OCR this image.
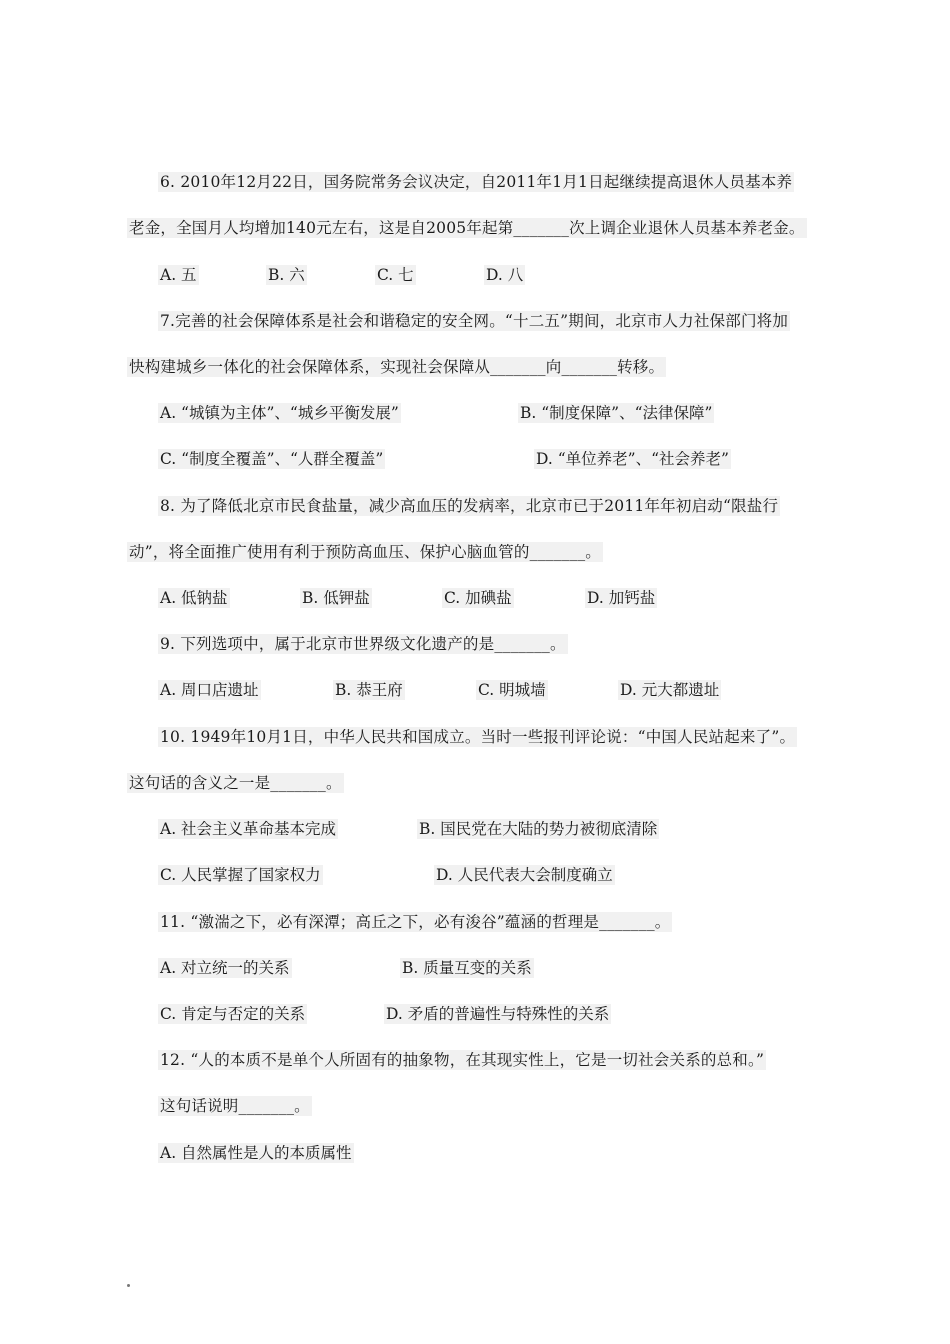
6. 2010年12月22日，国务院常务会议决定，自2011年1月1日起继续提高退休人员基本养
老金，全国月人均增加140元左右，这是自2005年起第_______次上调企业退休人员基本养老金。
A. 五	B. 六	C. 七	D. 八
7.完善的社会保障体系是社会和谐稳定的安全网。“十二五”期间，北京市人力社保部门将加
快构建城乡一体化的社会保障体系，实现社会保障从_______向_______转移。
A. “城镇为主体”、“城乡平衡发展”	B. “制度保障”、“法律保障”
C. “制度全覆盖”、“人群全覆盖”	D. “单位养老”、“社会养老”
8. 为了降低北京市民食盐量，减少高血压的发病率，北京市已于2011年年初启动“限盐行
动”，将全面推广使用有利于预防高血压、保护心脑血管的_______。
A. 低钠盐	B. 低钾盐	C. 加碘盐	D. 加钙盐
9. 下列选项中，属于北京市世界级文化遗产的是_______。
A. 周口店遗址	B. 恭王府	C. 明城墙	D. 元大都遗址
10. 1949年10月1日，中华人民共和国成立。当时一些报刊评论说：“中国人民站起来了”。
这句话的含义之一是_______。
A. 社会主义革命基本完成	B. 国民党在大陆的势力被彻底清除
C. 人民掌握了国家权力	D. 人民代表大会制度确立
11. “激湍之下，必有深潭；高丘之下，必有浚谷”蕴涵的哲理是_______。
A. 对立统一的关系	B. 质量互变的关系
C. 肯定与否定的关系	D. 矛盾的普遍性与特殊性的关系
12. “人的本质不是单个人所固有的抽象物，在其现实性上，它是一切社会关系的总和。”
这句话说明_______。
A. 自然属性是人的本质属性
